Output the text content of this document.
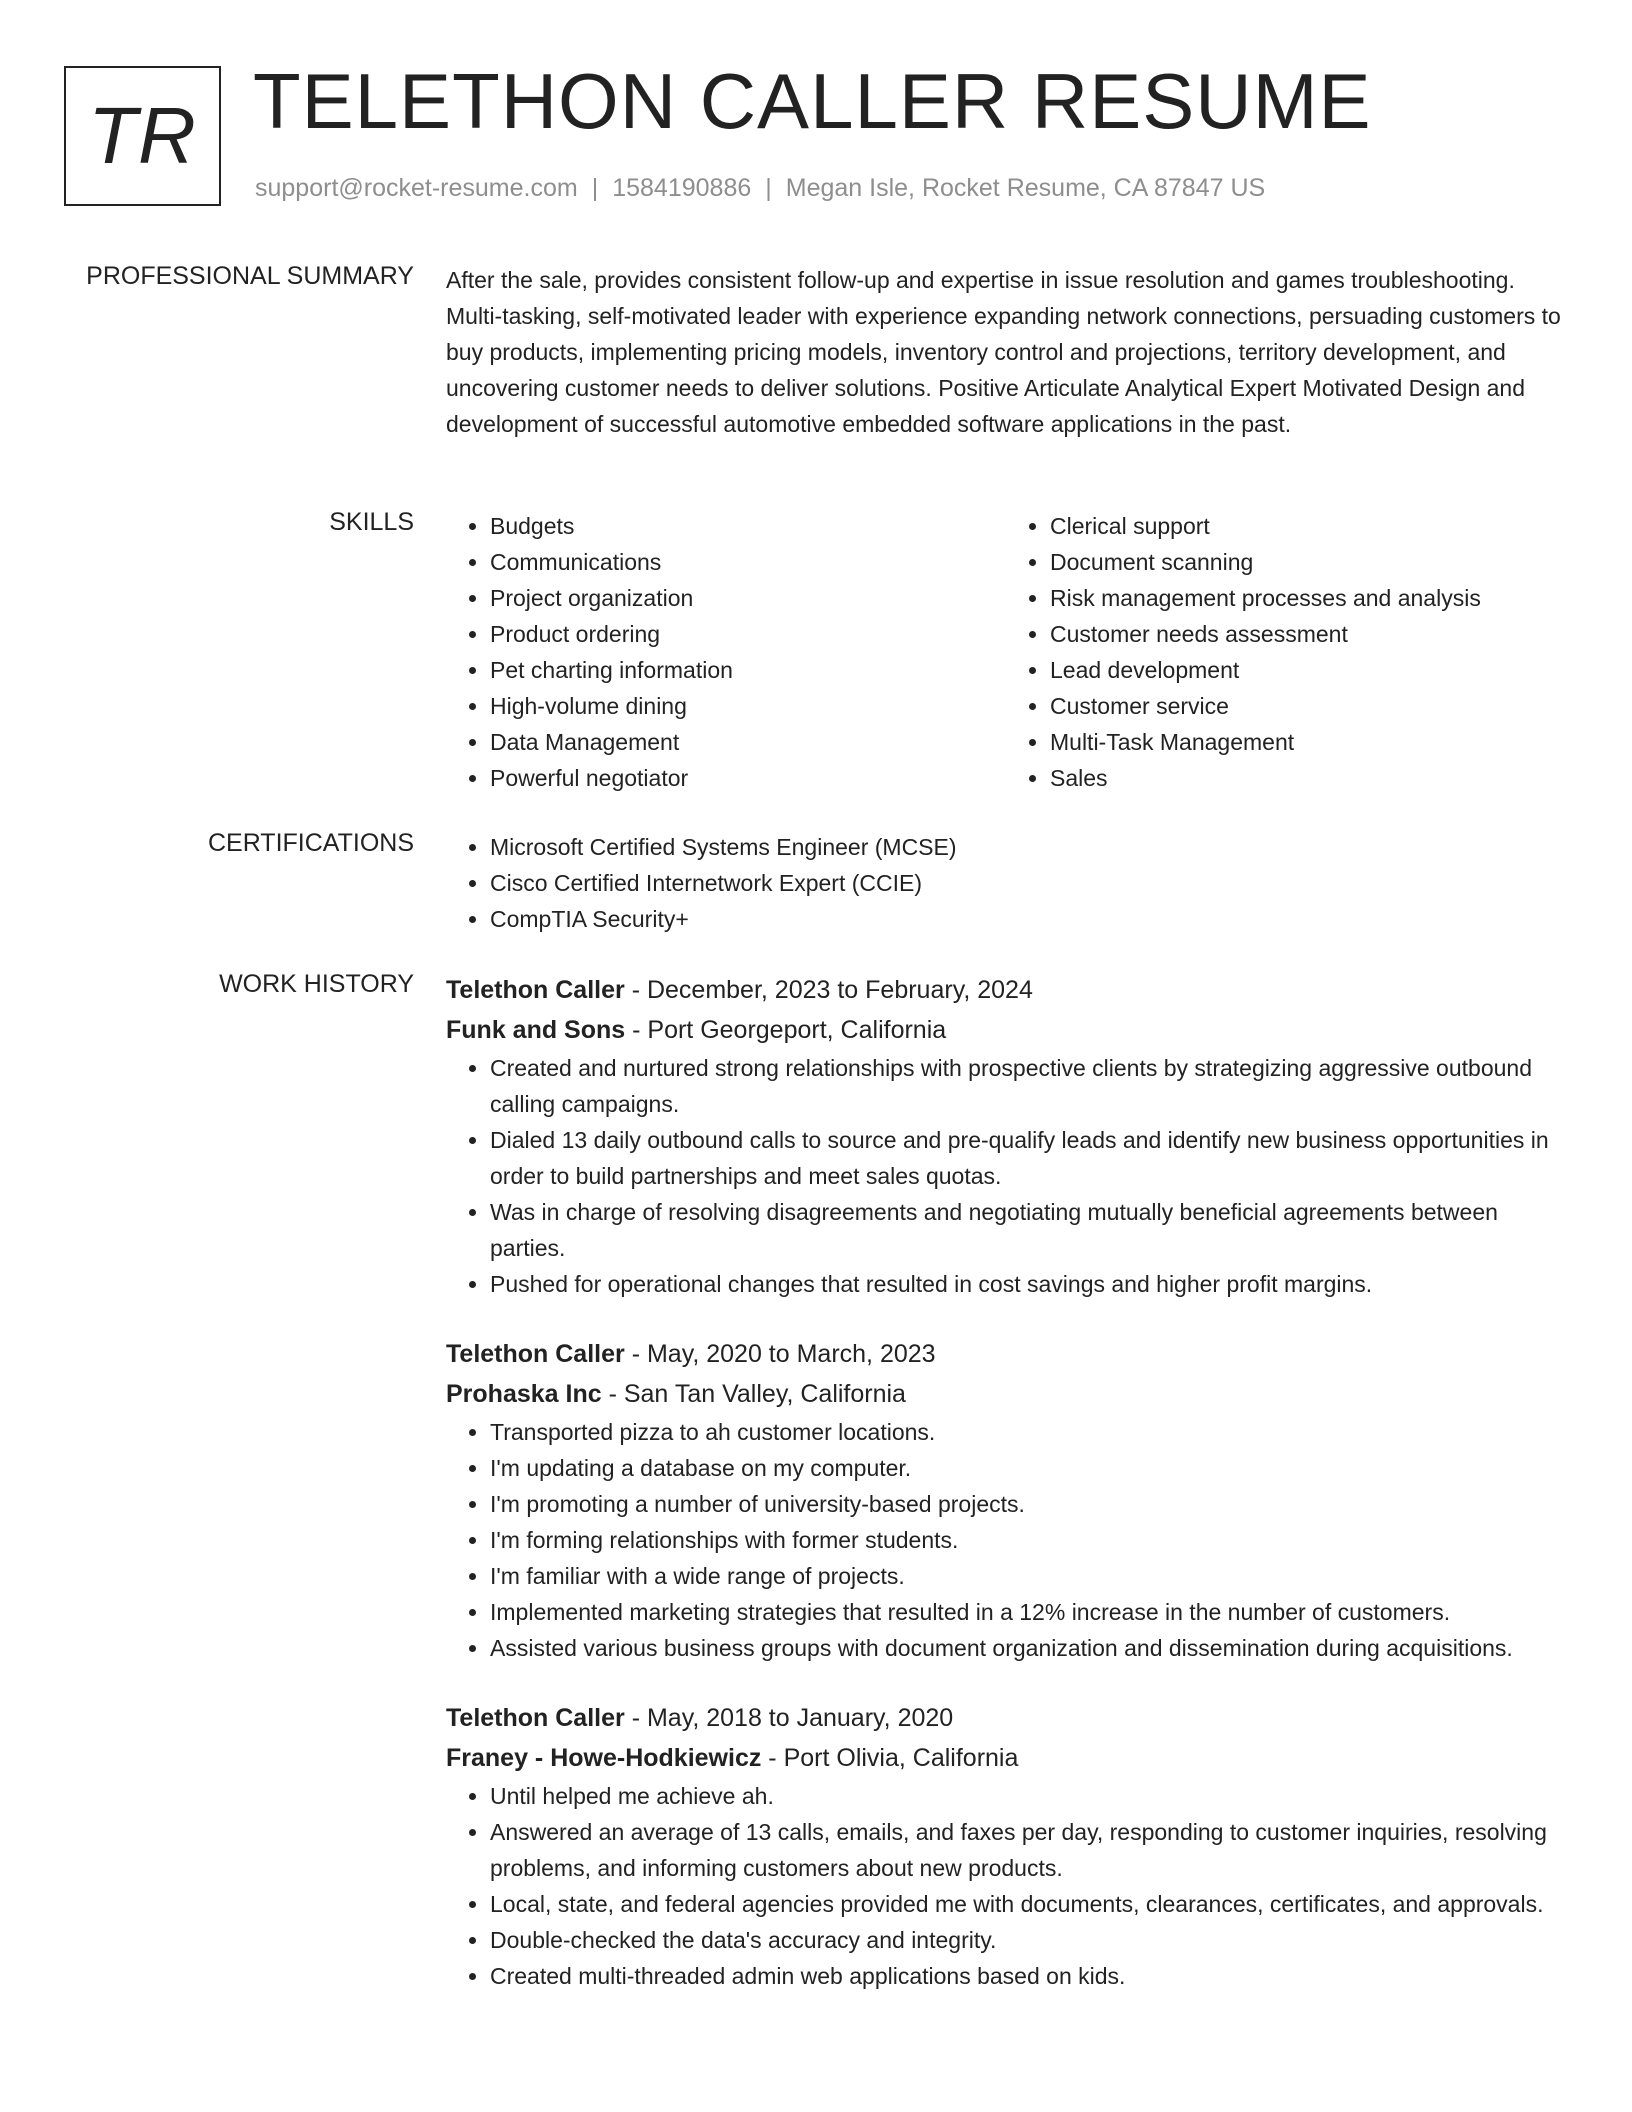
TR TELETHON CALLER RESUME
support@rocket-resume.com | 1584190886 | Megan Isle, Rocket Resume, CA 87847 US
PROFESSIONAL SUMMARY After the sale, provides consistent follow-up and expertise in issue resolution and games troubleshooting. Multi-tasking, self-motivated leader with experience expanding network connections, persuading customers to buy products, implementing pricing models, inventory control and projections, territory development, and uncovering customer needs to deliver solutions. Positive Articulate Analytical Expert Motivated Design and development of successful automotive embedded software applications in the past.

SKILLS	• Budgets
• Communications
• Project organization
• Product ordering
• Pet charting information
• High-volume dining
• Data Management
• Powerful negotiator
• Clerical support
• Document scanning
• Risk management processes and analysis
• Customer needs assessment
• Lead development
• Customer service
• Multi-Task Management
• Sales
CERTIFICATIONS	• Microsoft Certified Systems Engineer (MCSE)
• Cisco Certified Internetwork Expert (CCIE)
• CompTIA Security+
WORK HISTORY Telethon Caller - December, 2023 to February, 2024
Funk and Sons - Port Georgeport, California
• Created and nurtured strong relationships with prospective clients by strategizing aggressive outbound calling campaigns.
• Dialed 13 daily outbound calls to source and pre-qualify leads and identify new business opportunities in order to build partnerships and meet sales quotas.
• Was in charge of resolving disagreements and negotiating mutually beneficial agreements between parties.
• Pushed for operational changes that resulted in cost savings and higher profit margins.
Telethon Caller - May, 2020 to March, 2023
Prohaska Inc - San Tan Valley, California
• Transported pizza to ah customer locations.
• I'm updating a database on my computer.
• I'm promoting a number of university-based projects.
• I'm forming relationships with former students.
• I'm familiar with a wide range of projects.
• Implemented marketing strategies that resulted in a 12% increase in the number of customers.
• Assisted various business groups with document organization and dissemination during acquisitions.
Telethon Caller - May, 2018 to January, 2020
Franey - Howe-Hodkiewicz - Port Olivia, California
• Until helped me achieve ah.
• Answered an average of 13 calls, emails, and faxes per day, responding to customer inquiries, resolving problems, and informing customers about new products.
• Local, state, and federal agencies provided me with documents, clearances, certificates, and approvals.
• Double-checked the data's accuracy and integrity.
• Created multi-threaded admin web applications based on kids.
